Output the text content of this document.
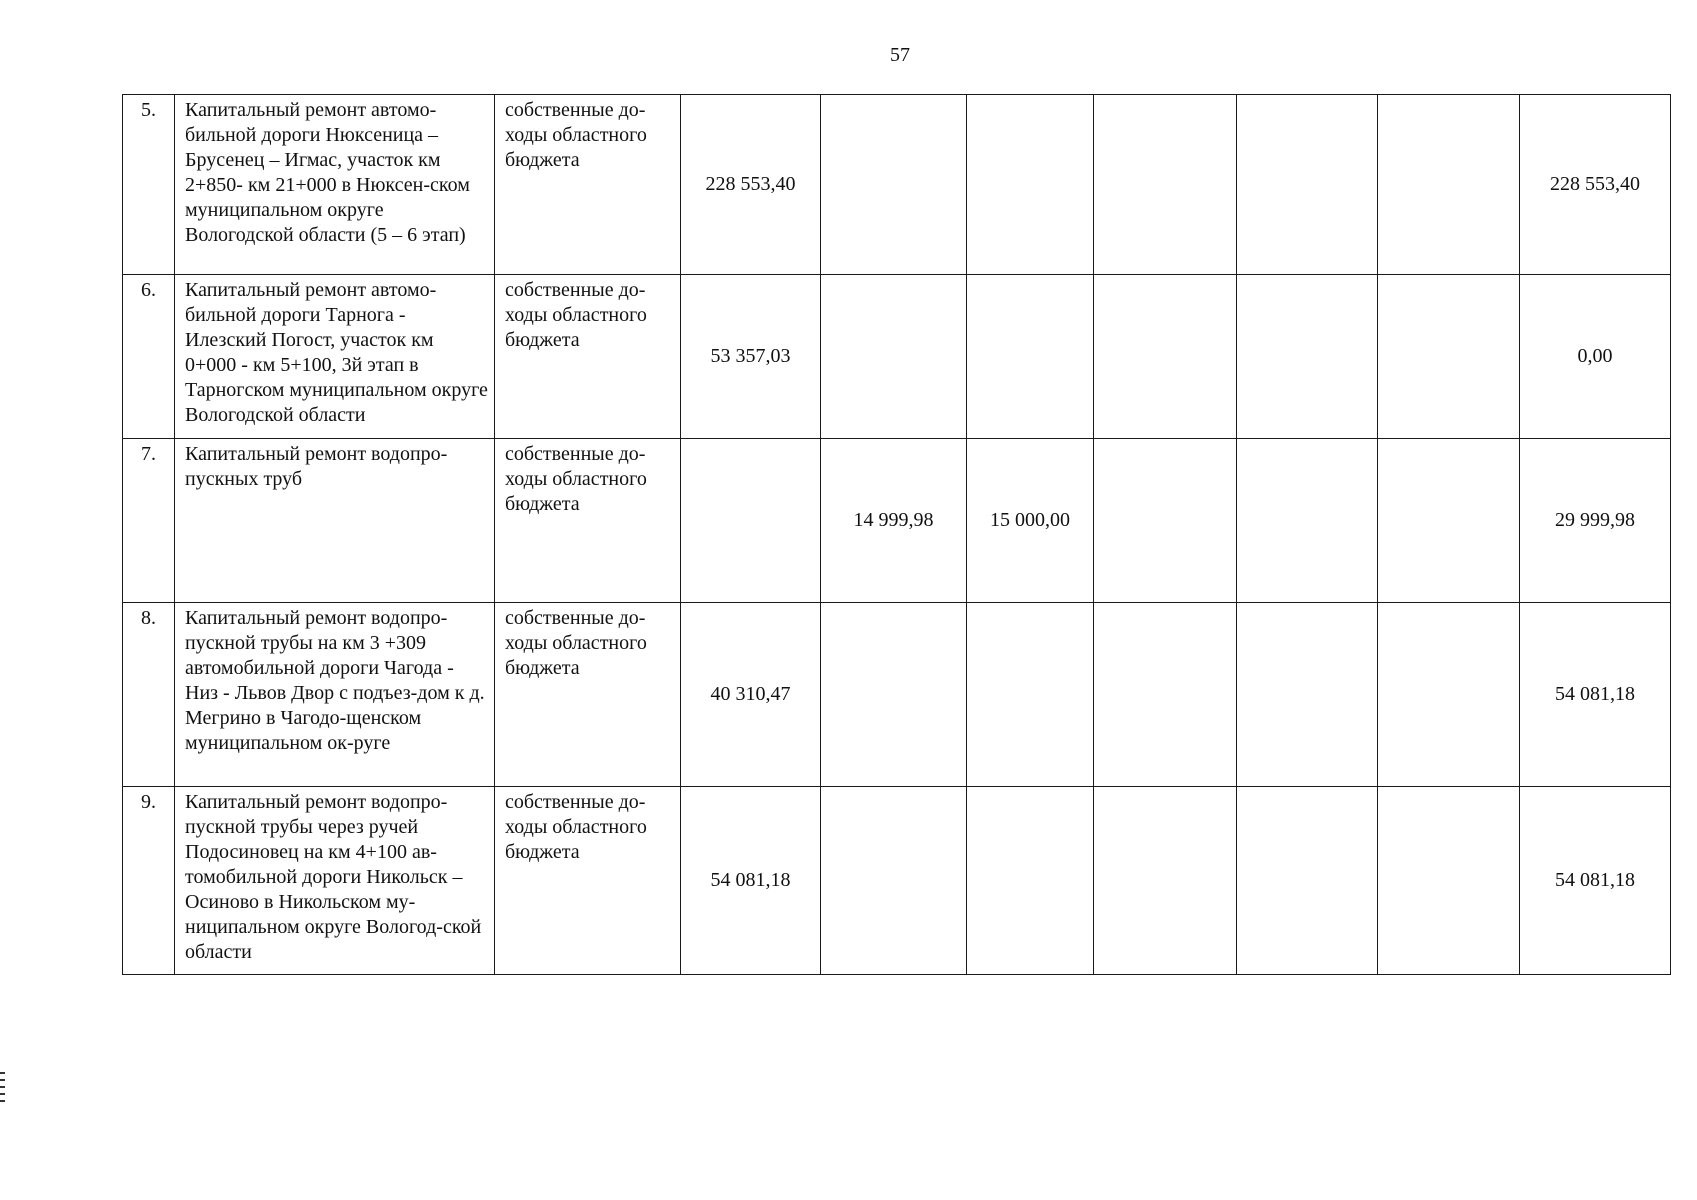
57
5.	Капитальный ремонт автомо-бильной дороги Нюксеница – Брусенец – Игмас, участок км 2+850- км 21+000 в Нюксен-ском муниципальном округе Вологодской области (5 – 6 этап)	собственные до-ходы областного бюджета	228 553,40						228 553,40
6.	Капитальный ремонт автомо-бильной дороги Тарнога - Илезский Погост, участок км 0+000 - км 5+100, 3й этап в Тарногском муниципальном округе Вологодской области	собственные до-ходы областного бюджета	53 357,03						0,00
7.	Капитальный ремонт водопро-пускных труб	собственные до-ходы областного бюджета		14 999,98	15 000,00				29 999,98
8.	Капитальный ремонт водопро-пускной трубы на км 3 +309 автомобильной дороги Чагода - Низ - Львов Двор с подъез-дом к д. Мегрино в Чагодо-щенском муниципальном ок-руге	собственные до-ходы областного бюджета	40 310,47						54 081,18
9.	Капитальный ремонт водопро-пускной трубы через ручей Подосиновец на км 4+100 ав-томобильной дороги Никольск – Осиново в Никольском му-ниципальном округе Вологод-ской области	собственные до-ходы областного бюджета	54 081,18						54 081,18
